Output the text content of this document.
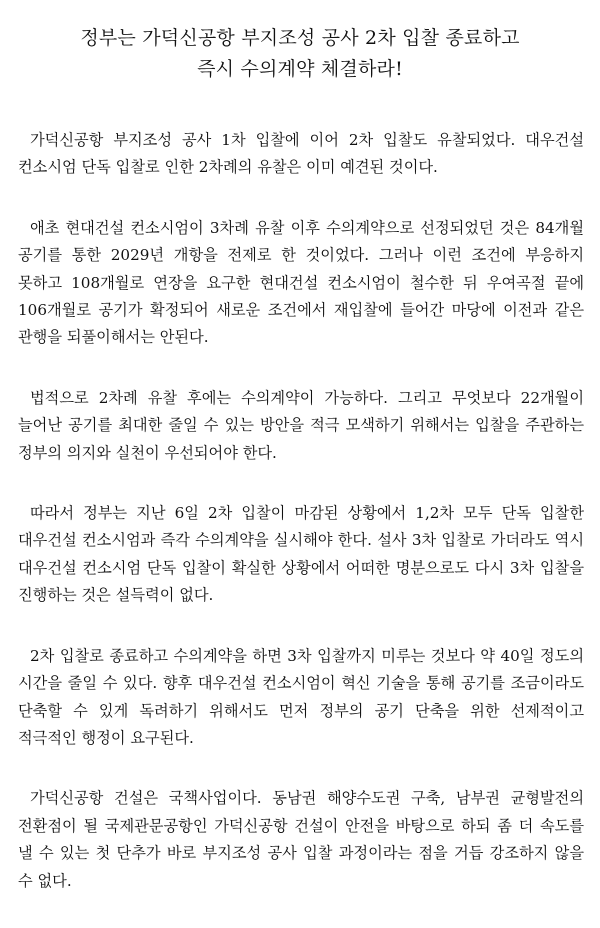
정부는 가덕신공항 부지조성 공사 2차 입찰 종료하고
즉시 수의계약 체결하라!

가덕신공항 부지조성 공사 1차 입찰에 이어 2차 입찰도 유찰되었다. 대우건설 컨소시엄 단독 입찰로 인한 2차례의 유찰은 이미 예견된 것이다.

애초 현대건설 컨소시엄이 3차례 유찰 이후 수의계약으로 선정되었던 것은 84개월 공기를 통한 2029년 개항을 전제로 한 것이었다. 그러나 이런 조건에 부응하지 못하고 108개월로 연장을 요구한 현대건설 컨소시엄이 철수한 뒤 우여곡절 끝에 106개월로 공기가 확정되어 새로운 조건에서 재입찰에 들어간 마당에 이전과 같은 관행을 되풀이해서는 안된다.

법적으로 2차례 유찰 후에는 수의계약이 가능하다. 그리고 무엇보다 22개월이 늘어난 공기를 최대한 줄일 수 있는 방안을 적극 모색하기 위해서는 입찰을 주관하는 정부의 의지와 실천이 우선되어야 한다.

따라서 정부는 지난 6일 2차 입찰이 마감된 상황에서 1,2차 모두 단독 입찰한 대우건설 컨소시엄과 즉각 수의계약을 실시해야 한다. 설사 3차 입찰로 가더라도 역시 대우건설 컨소시엄 단독 입찰이 확실한 상황에서 어떠한 명분으로도 다시 3차 입찰을 진행하는 것은 설득력이 없다.

2차 입찰로 종료하고 수의계약을 하면 3차 입찰까지 미루는 것보다 약 40일 정도의 시간을 줄일 수 있다. 향후 대우건설 컨소시엄이 혁신 기술을 통해 공기를 조금이라도 단축할 수 있게 독려하기 위해서도 먼저 정부의 공기 단축을 위한 선제적이고 적극적인 행정이 요구된다.

가덕신공항 건설은 국책사업이다. 동남권 해양수도권 구축, 남부권 균형발전의 전환점이 될 국제관문공항인 가덕신공항 건설이 안전을 바탕으로 하되 좀 더 속도를 낼 수 있는 첫 단추가 바로 부지조성 공사 입찰 과정이라는 점을 거듭 강조하지 않을 수 없다.
